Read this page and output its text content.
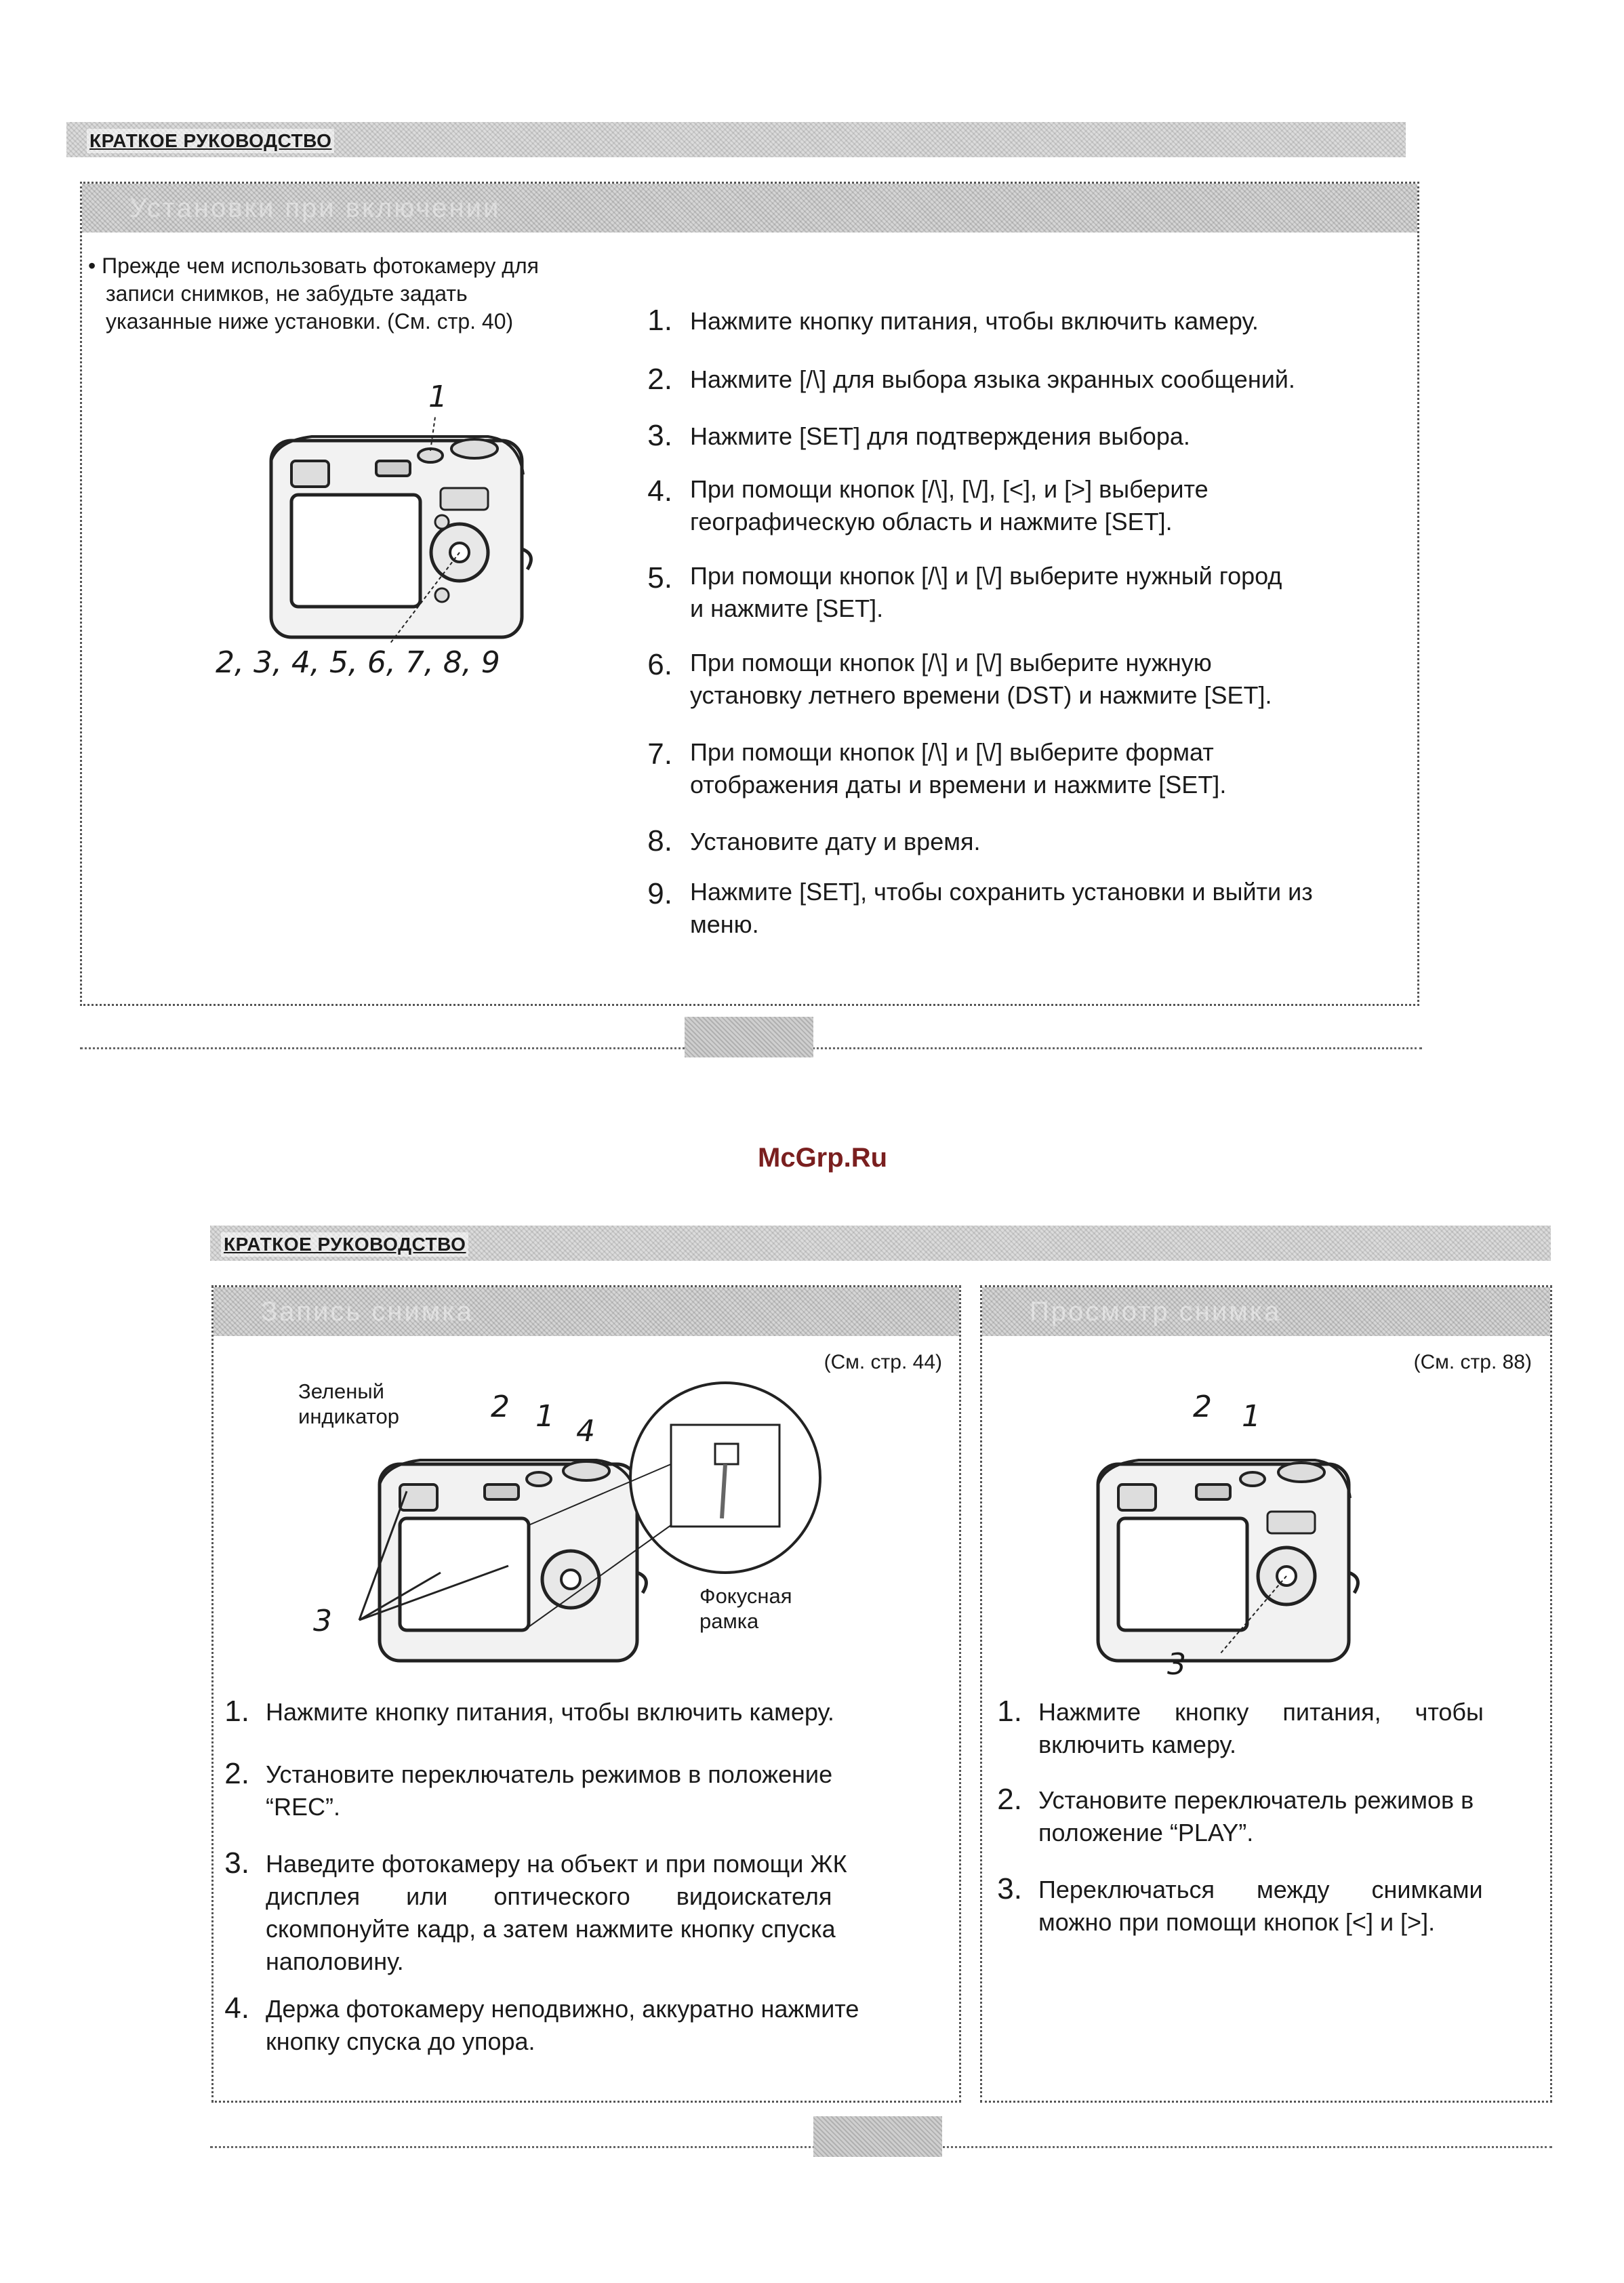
КРАТКОЕ РУКОВОДСТВО
Установки при включении
• Прежде чем использовать фотокамеру для
записи снимков, не забудьте задать
указанные ниже установки. (См. стр. 40)
1
2, 3, 4, 5, 6, 7, 8, 9
1. Нажмите кнопку питания, чтобы включить камеру.
2. Нажмите [/\] для выбора языка экранных сообщений.
3. Нажмите [SET] для подтверждения выбора.
4. При помощи кнопок [/\], [\/], [<], и [>] выберите
географическую область и нажмите [SET].
5. При помощи кнопок [/\] и [\/] выберите нужный город
и нажмите [SET].
6. При помощи кнопок [/\] и [\/] выберите нужную
установку летнего времени (DST) и нажмите [SET].
7. При помощи кнопок [/\] и [\/] выберите формат
отображения даты и времени и нажмите [SET].
8. Установите дату и время.
9. Нажмите [SET], чтобы сохранить установки и выйти из
меню.
McGrp.Ru
КРАТКОЕ РУКОВОДСТВО
Запись снимка
(См. стр. 44)
Зеленый
индикатор	2 1 4
3
Фокусная
рамка
1. Нажмите кнопку питания, чтобы включить камеру.
2. Установите переключатель режимов в положение
“REC”.
3. Наведите фотокамеру на объект и при помощи ЖК
дисплея или оптического видоискателя
скомпонуйте кадр, а затем нажмите кнопку спуска
наполовину.
4. Держа фотокамеру неподвижно, аккуратно нажмите
кнопку спуска до упора.
Просмотр снимка
(См. стр. 88)
2 1
3
1. Нажмите кнопку питания, чтобы
включить камеру.
2. Установите переключатель режимов в
положение “PLAY”.
3. Переключаться между снимками
можно при помощи кнопок [<] и [>].
